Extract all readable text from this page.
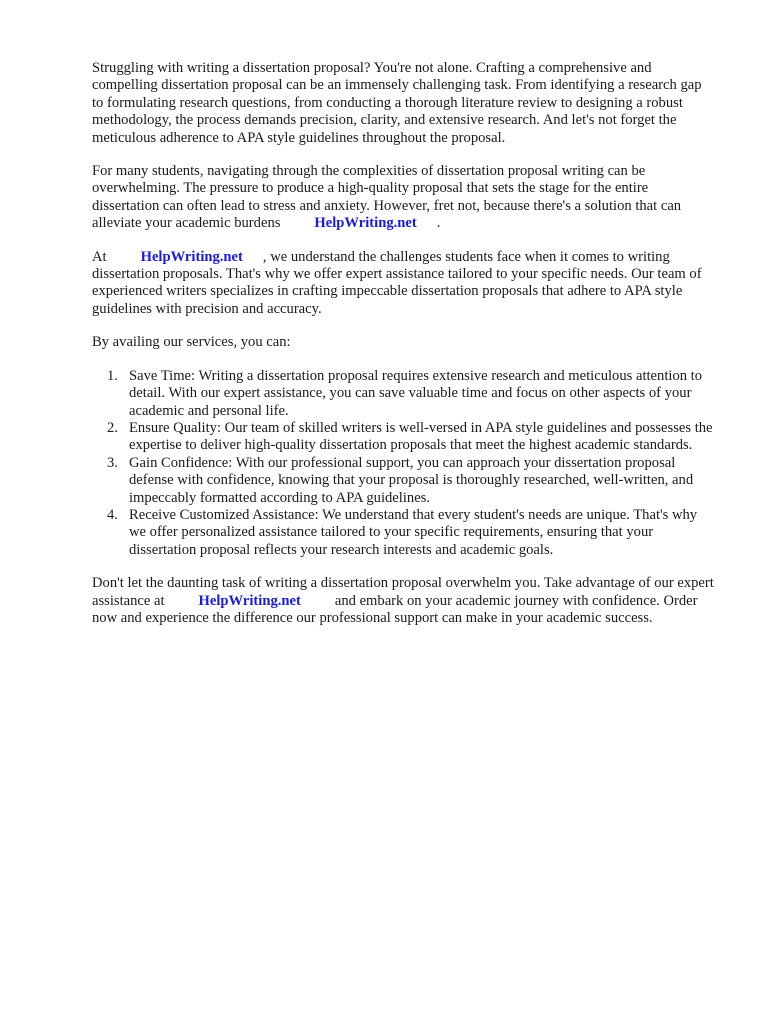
Struggling with writing a dissertation proposal? You're not alone. Crafting a comprehensive and compelling dissertation proposal can be an immensely challenging task. From identifying a research gap to formulating research questions, from conducting a thorough literature review to designing a robust methodology, the process demands precision, clarity, and extensive research. And let's not forget the meticulous adherence to APA style guidelines throughout the proposal.

For many students, navigating through the complexities of dissertation proposal writing can be overwhelming. The pressure to produce a high-quality proposal that sets the stage for the entire dissertation can often lead to stress and anxiety. However, fret not, because there's a solution that can alleviate your academic burdens HelpWriting.net .

At HelpWriting.net , we understand the challenges students face when it comes to writing dissertation proposals. That's why we offer expert assistance tailored to your specific needs. Our team of experienced writers specializes in crafting impeccable dissertation proposals that adhere to APA style guidelines with precision and accuracy.

By availing our services, you can:

1. Save Time: Writing a dissertation proposal requires extensive research and meticulous attention to detail. With our expert assistance, you can save valuable time and focus on other aspects of your academic and personal life.
2. Ensure Quality: Our team of skilled writers is well-versed in APA style guidelines and possesses the expertise to deliver high-quality dissertation proposals that meet the highest academic standards.
3. Gain Confidence: With our professional support, you can approach your dissertation proposal defense with confidence, knowing that your proposal is thoroughly researched, well-written, and impeccably formatted according to APA guidelines.
4. Receive Customized Assistance: We understand that every student's needs are unique. That's why we offer personalized assistance tailored to your specific requirements, ensuring that your dissertation proposal reflects your research interests and academic goals.

Don't let the daunting task of writing a dissertation proposal overwhelm you. Take advantage of our expert assistance at HelpWriting.net and embark on your academic journey with confidence. Order now and experience the difference our professional support can make in your academic success.
